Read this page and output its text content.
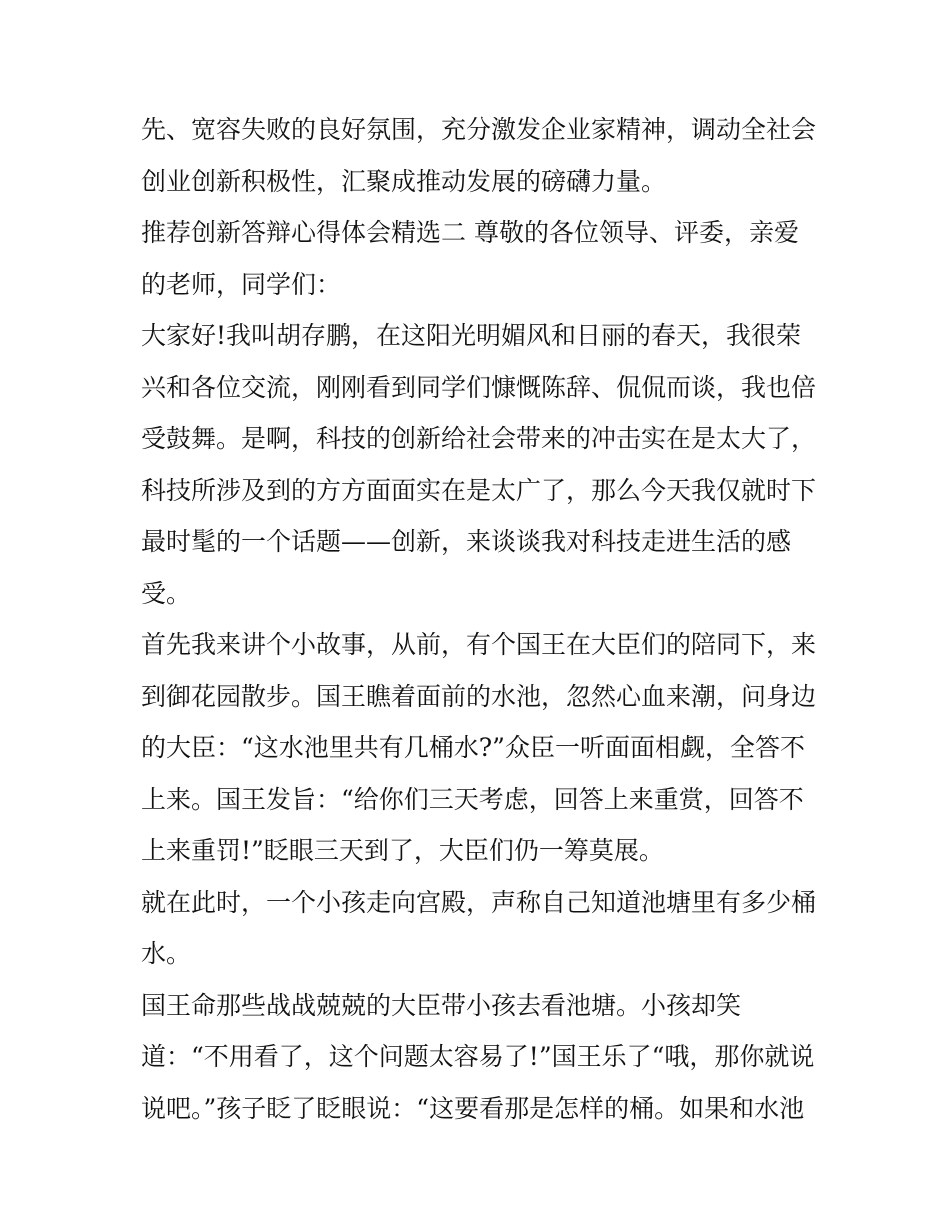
先、宽容失败的良好氛围，充分激发企业家精神，调动全社会
创业创新积极性，汇聚成推动发展的磅礴力量。
推荐创新答辩心得体会精选二 尊敬的各位领导、评委，亲爱
的老师，同学们：
大家好!我叫胡存鹏，在这阳光明媚风和日丽的春天，我很荣
兴和各位交流，刚刚看到同学们慷慨陈辞、侃侃而谈，我也倍
受鼓舞。是啊，科技的创新给社会带来的冲击实在是太大了，
科技所涉及到的方方面面实在是太广了，那么今天我仅就时下
最时髦的一个话题——创新，来谈谈我对科技走进生活的感
受。
首先我来讲个小故事，从前，有个国王在大臣们的陪同下，来
到御花园散步。国王瞧着面前的水池，忽然心血来潮，问身边
的大臣：“这水池里共有几桶水?”众臣一听面面相觑，全答不
上来。国王发旨：“给你们三天考虑，回答上来重赏，回答不
上来重罚!”眨眼三天到了，大臣们仍一筹莫展。
就在此时，一个小孩走向宫殿，声称自己知道池塘里有多少桶
水。
国王命那些战战兢兢的大臣带小孩去看池塘。小孩却笑
道：“不用看了，这个问题太容易了!”国王乐了“哦，那你就说
说吧。”孩子眨了眨眼说：“这要看那是怎样的桶。如果和水池
